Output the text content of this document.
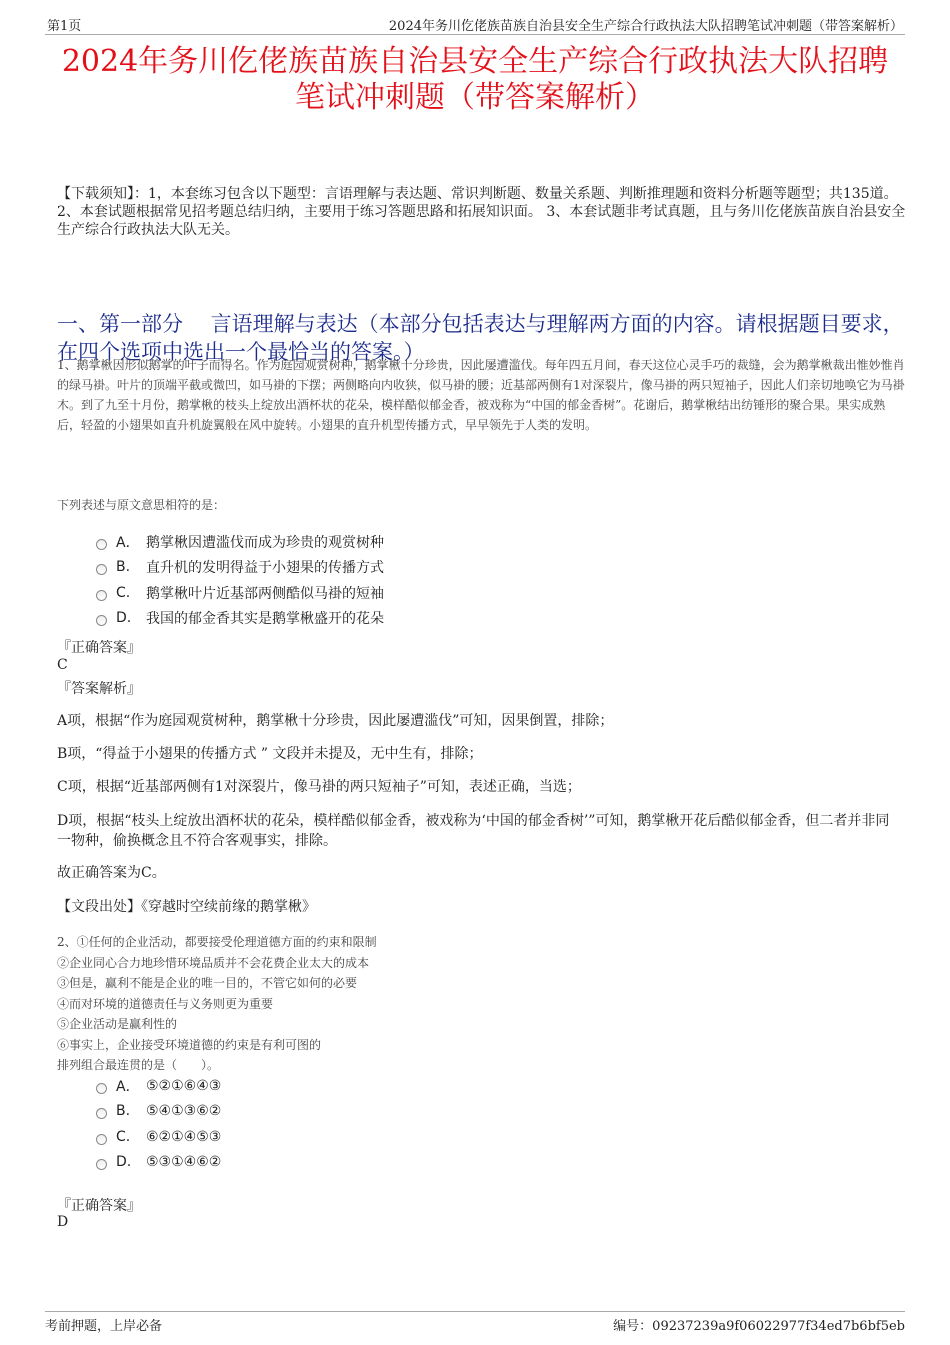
第1页	2024年务川仡佬族苗族自治县安全生产综合行政执法大队招聘笔试冲刺题（带答案解析）
2024年务川仡佬族苗族自治县安全生产综合行政执法大队招聘
笔试冲刺题（带答案解析）
【下载须知】：1，本套练习包含以下题型：言语理解与表达题、常识判断题、数量关系题、判断推理题和资料分析题等题型；共135道。 2、本套试题根据常见招考题总结归纳，主要用于练习答题思路和拓展知识面。 3、本套试题非考试真题，且与务川仡佬族苗族自治县安全生产综合行政执法大队无关。
一、第一部分　 言语理解与表达（本部分包括表达与理解两方面的内容。请根据题目要求，在四个选项中选出一个最恰当的答案。）
1、鹅掌楸因形似鹅掌的叶子而得名。作为庭园观赏树种，鹅掌楸十分珍贵，因此屡遭滥伐。每年四五月间，春天这位心灵手巧的裁缝，会为鹅掌楸裁出惟妙惟肖的绿马褂。叶片的顶端平截或微凹，如马褂的下摆；两侧略向内收狭，似马褂的腰；近基部两侧有1对深裂片，像马褂的两只短袖子，因此人们亲切地唤它为马褂木。到了九至十月份，鹅掌楸的枝头上绽放出酒杯状的花朵，模样酷似郁金香，被戏称为“中国的郁金香树”。花谢后，鹅掌楸结出纺锤形的聚合果。果实成熟后，轻盈的小翅果如直升机旋翼般在风中旋转。小翅果的直升机型传播方式，早早领先于人类的发明。
下列表述与原文意思相符的是：
A． 鹅掌楸因遭滥伐而成为珍贵的观赏树种
B.	直升机的发明得益于小翅果的传播方式
C.	鹅掌楸叶片近基部两侧酷似马褂的短袖
D.	我国的郁金香其实是鹅掌楸盛开的花朵
『正确答案』
C
『答案解析』
A项，根据“作为庭园观赏树种，鹅掌楸十分珍贵，因此屡遭滥伐”可知，因果倒置，排除；
B项，“得益于小翅果的传播方式 ” 文段并未提及，无中生有，排除；
C项，根据“近基部两侧有1对深裂片，像马褂的两只短袖子”可知，表述正确，当选；
D项，根据“枝头上绽放出酒杯状的花朵，模样酷似郁金香，被戏称为‘中国的郁金香树’”可知，鹅掌楸开花后酷似郁金香，但二者并非同一物种，偷换概念且不符合客观事实，排除。
故正确答案为C。
【文段出处】《穿越时空续前缘的鹅掌楸》
2、①任何的企业活动，都要接受伦理道德方面的约束和限制
②企业同心合力地珍惜环境品质并不会花费企业太大的成本
③但是，赢利不能是企业的唯一目的，不管它如何的必要
④而对环境的道德责任与义务则更为重要
⑤企业活动是赢利性的
⑥事实上，企业接受环境道德的约束是有利可图的
排列组合最连贯的是（　　）。
A． ⑤②①⑥④③
B.	⑤④①③⑥②
C.	⑥②①④⑤③
D.	⑤③①④⑥②
『正确答案』
D
考前押题，上岸必备	编号：09237239a9f06022977f34ed7b6bf5eb
